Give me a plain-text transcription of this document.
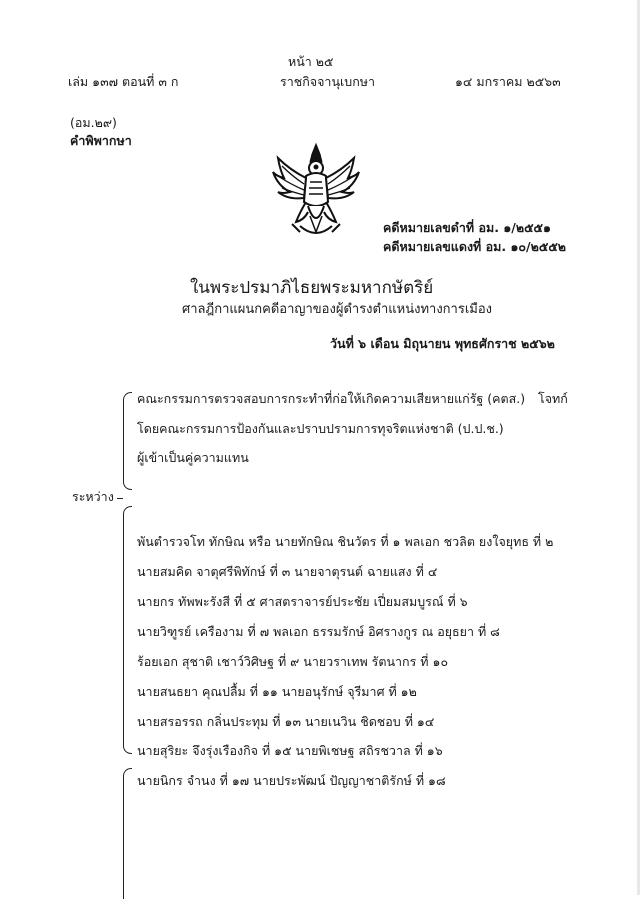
หน้า ๒๕
เล่ม ๑๓๗ ตอนที่ ๓ ก	ราชกิจจานุเบกษา	๑๔ มกราคม ๒๕๖๓
(อม.๒๙)
คำพิพากษา
คดีหมายเลขดำที่ อม. ๑/๒๕๕๑
คดีหมายเลขแดงที่ อม. ๑๐/๒๕๕๒
ในพระปรมาภิไธยพระมหากษัตริย์
ศาลฎีกาแผนกคดีอาญาของผู้ดำรงตำแหน่งทางการเมือง
วันที่ ๖ เดือน มิถุนายน พุทธศักราช ๒๕๖๒
คณะกรรมการตรวจสอบการกระทำที่ก่อให้เกิดความเสียหายแก่รัฐ (คตส.) โจทก์
โดยคณะกรรมการป้องกันและปราบปรามการทุจริตแห่งชาติ (ป.ป.ช.)
ผู้เข้าเป็นคู่ความแทน
ระหว่าง
พันตำรวจโท ทักษิณ หรือ นายทักษิณ ชินวัตร ที่ ๑ พลเอก ชวลิต ยงใจยุทธ ที่ ๒
นายสมคิด จาตุศรีพิทักษ์ ที่ ๓ นายจาตุรนต์ ฉายแสง ที่ ๔
นายกร ทัพพะรังสี ที่ ๕ ศาสตราจารย์ประชัย เปี่ยมสมบูรณ์ ที่ ๖
นายวิฑูรย์ เครืองาม ที่ ๗ พลเอก ธรรมรักษ์ อิศรางกูร ณ อยุธยา ที่ ๘
ร้อยเอก สุชาติ เชาว์วิศิษฐ ที่ ๙ นายวราเทพ รัตนากร ที่ ๑๐
นายสนธยา คุณปลื้ม ที่ ๑๑ นายอนุรักษ์ จุรีมาศ ที่ ๑๒
นายสรอรรถ กลิ่นประทุม ที่ ๑๓ นายเนวิน ชิดชอบ ที่ ๑๔
นายสุริยะ จึงรุ่งเรืองกิจ ที่ ๑๕ นายพิเชษฐ สถิรชวาล ที่ ๑๖
นายนิกร จำนง ที่ ๑๗ นายประพัฒน์ ปัญญาชาติรักษ์ ที่ ๑๘
